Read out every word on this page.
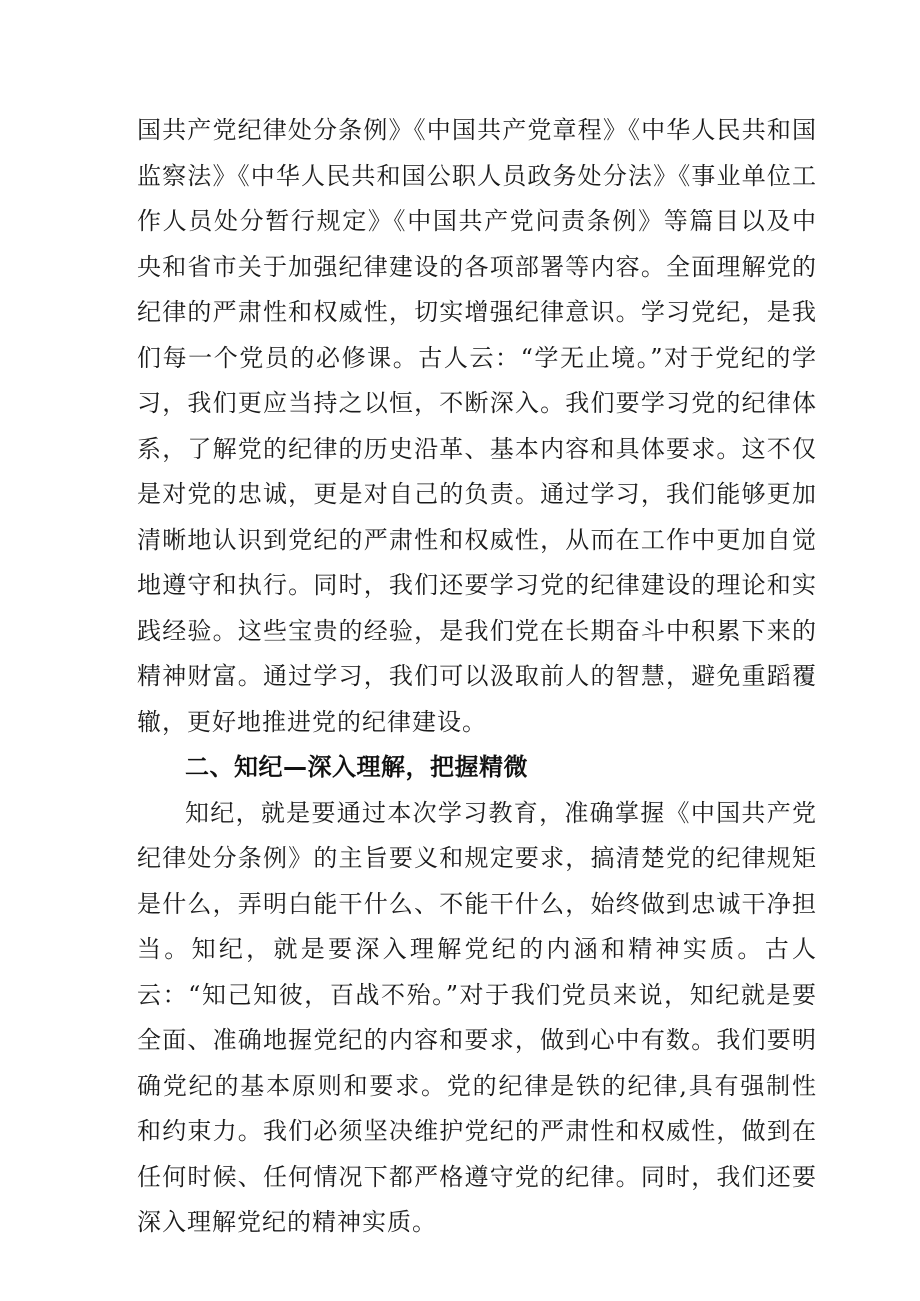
国共产党纪律处分条例》《中国共产党章程》《中华人民共和国监察法》《中华人民共和国公职人员政务处分法》《事业单位工作人员处分暂行规定》《中国共产党问责条例》等篇目以及中央和省市关于加强纪律建设的各项部署等内容。全面理解党的纪律的严肃性和权威性，切实增强纪律意识。学习党纪，是我们每一个党员的必修课。古人云：“学无止境。”对于党纪的学习，我们更应当持之以恒，不断深入。我们要学习党的纪律体系，了解党的纪律的历史沿革、基本内容和具体要求。这不仅是对党的忠诚，更是对自己的负责。通过学习，我们能够更加清晰地认识到党纪的严肃性和权威性，从而在工作中更加自觉地遵守和执行。同时，我们还要学习党的纪律建设的理论和实践经验。这些宝贵的经验，是我们党在长期奋斗中积累下来的精神财富。通过学习，我们可以汲取前人的智慧，避免重蹈覆辙，更好地推进党的纪律建设。

二、知纪—深入理解，把握精微

知纪，就是要通过本次学习教育，准确掌握《中国共产党纪律处分条例》的主旨要义和规定要求，搞清楚党的纪律规矩是什么，弄明白能干什么、不能干什么，始终做到忠诚干净担当。知纪，就是要深入理解党纪的内涵和精神实质。古人云：“知己知彼，百战不殆。”对于我们党员来说，知纪就是要全面、准确地握党纪的内容和要求，做到心中有数。我们要明确党纪的基本原则和要求。党的纪律是铁的纪律,具有强制性和约束力。我们必须坚决维护党纪的严肃性和权威性，做到在任何时候、任何情况下都严格遵守党的纪律。同时，我们还要深入理解党纪的精神实质。
